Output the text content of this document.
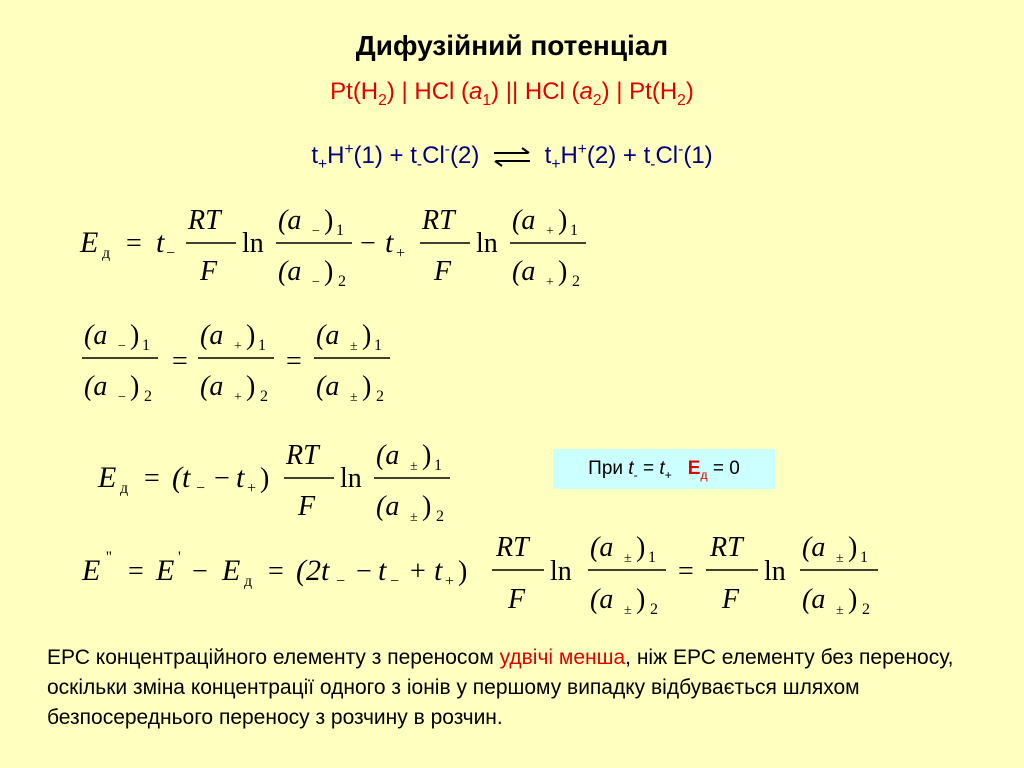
Дифузійний потенціал
$Pt(H_2)$ | HCl $(a_1)$ || HCl $(a_2)$ | $Pt(H_2)$
$t_+H^+(1) + t_-Cl^-(2)$ ⇌ $t_+H^+(2) + t_-Cl^-(1)$
E д = t −
RT
F
ln
(a − ) 1
(a − ) 2
− t +
RT
F
ln
(a + ) 1
(a + ) 2
(a − ) 1
(a − ) 2
=
(a + ) 1
(a + ) 2
=
(a ± ) 1
(a ± ) 2
E д = (t − − t + )
RT
F
ln
(a ± ) 1
(a ± ) 2
При $t_- = t_+$ $E_д = 0$
E '' = E ' − E д = (2t − − t − + t + )
RT
F
ln
(a ± ) 1
(a ± ) 2
=
RT
F
ln
(a ± ) 1
(a ± ) 2
ЕРС концентраційного елементу з переносом удвічі менша, ніж ЕРС елементу без переносу, оскільки зміна концентрації одного з іонів у першому випадку відбувається шляхом безпосереднього переносу з розчину в розчин.
